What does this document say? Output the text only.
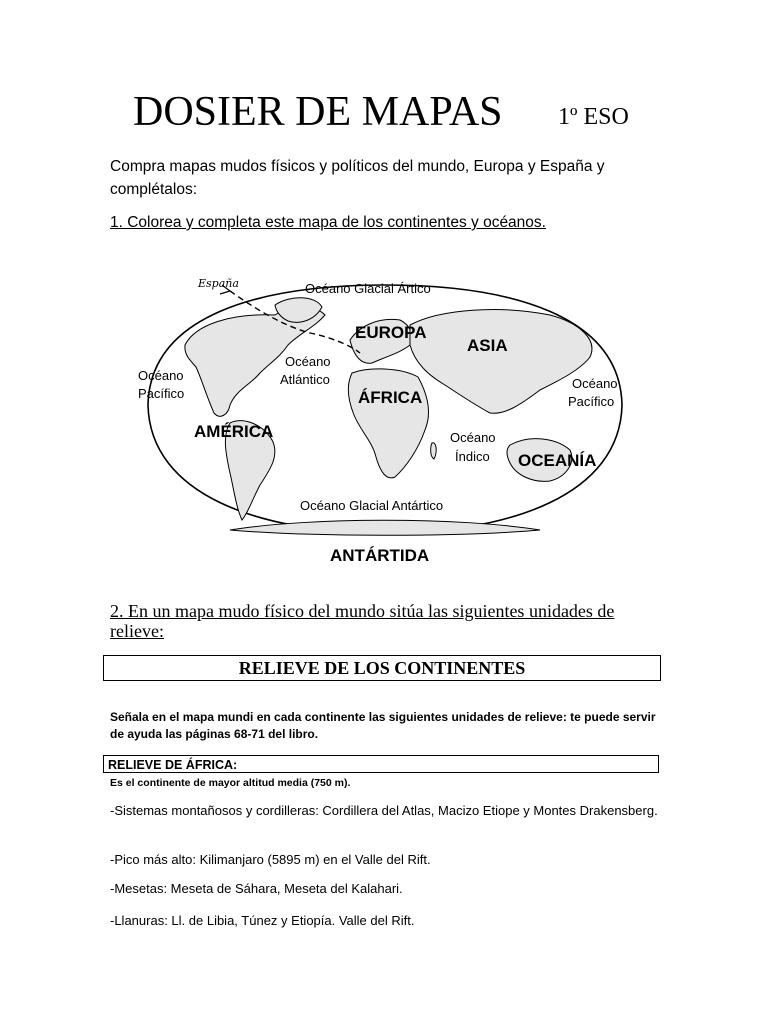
DOSIER DE MAPAS 1º ESO
Compra mapas mudos físicos y políticos del mundo, Europa y España y complétalos:
1. Colorea y completa este mapa de los continentes y océanos.
España	Océano Glacial Ártico
EUROPA
ASIA
Océano
Pacífico
Océano
Atlántico
ÁFRICA
Océano
Pacífico
AMÉRICA	Océano
Índico OCEANÍA
Océano Glacial Antártico
ANTÁRTIDA
2. En un mapa mudo físico del mundo sitúa las siguientes unidades de relieve:
RELIEVE DE LOS CONTINENTES
Señala en el mapa mundi en cada continente las siguientes unidades de relieve: te puede servir de ayuda las páginas 68-71 del libro.
RELIEVE DE ÁFRICA:
Es el continente de mayor altitud media (750 m).
-Sistemas montañosos y cordilleras: Cordillera del Atlas, Macizo Etiope y Montes Drakensberg.
-Pico más alto: Kilimanjaro (5895 m) en el Valle del Rift.
-Mesetas: Meseta de Sáhara, Meseta del Kalahari.
-Llanuras: Ll. de Libia, Túnez y Etiopía. Valle del Rift.
